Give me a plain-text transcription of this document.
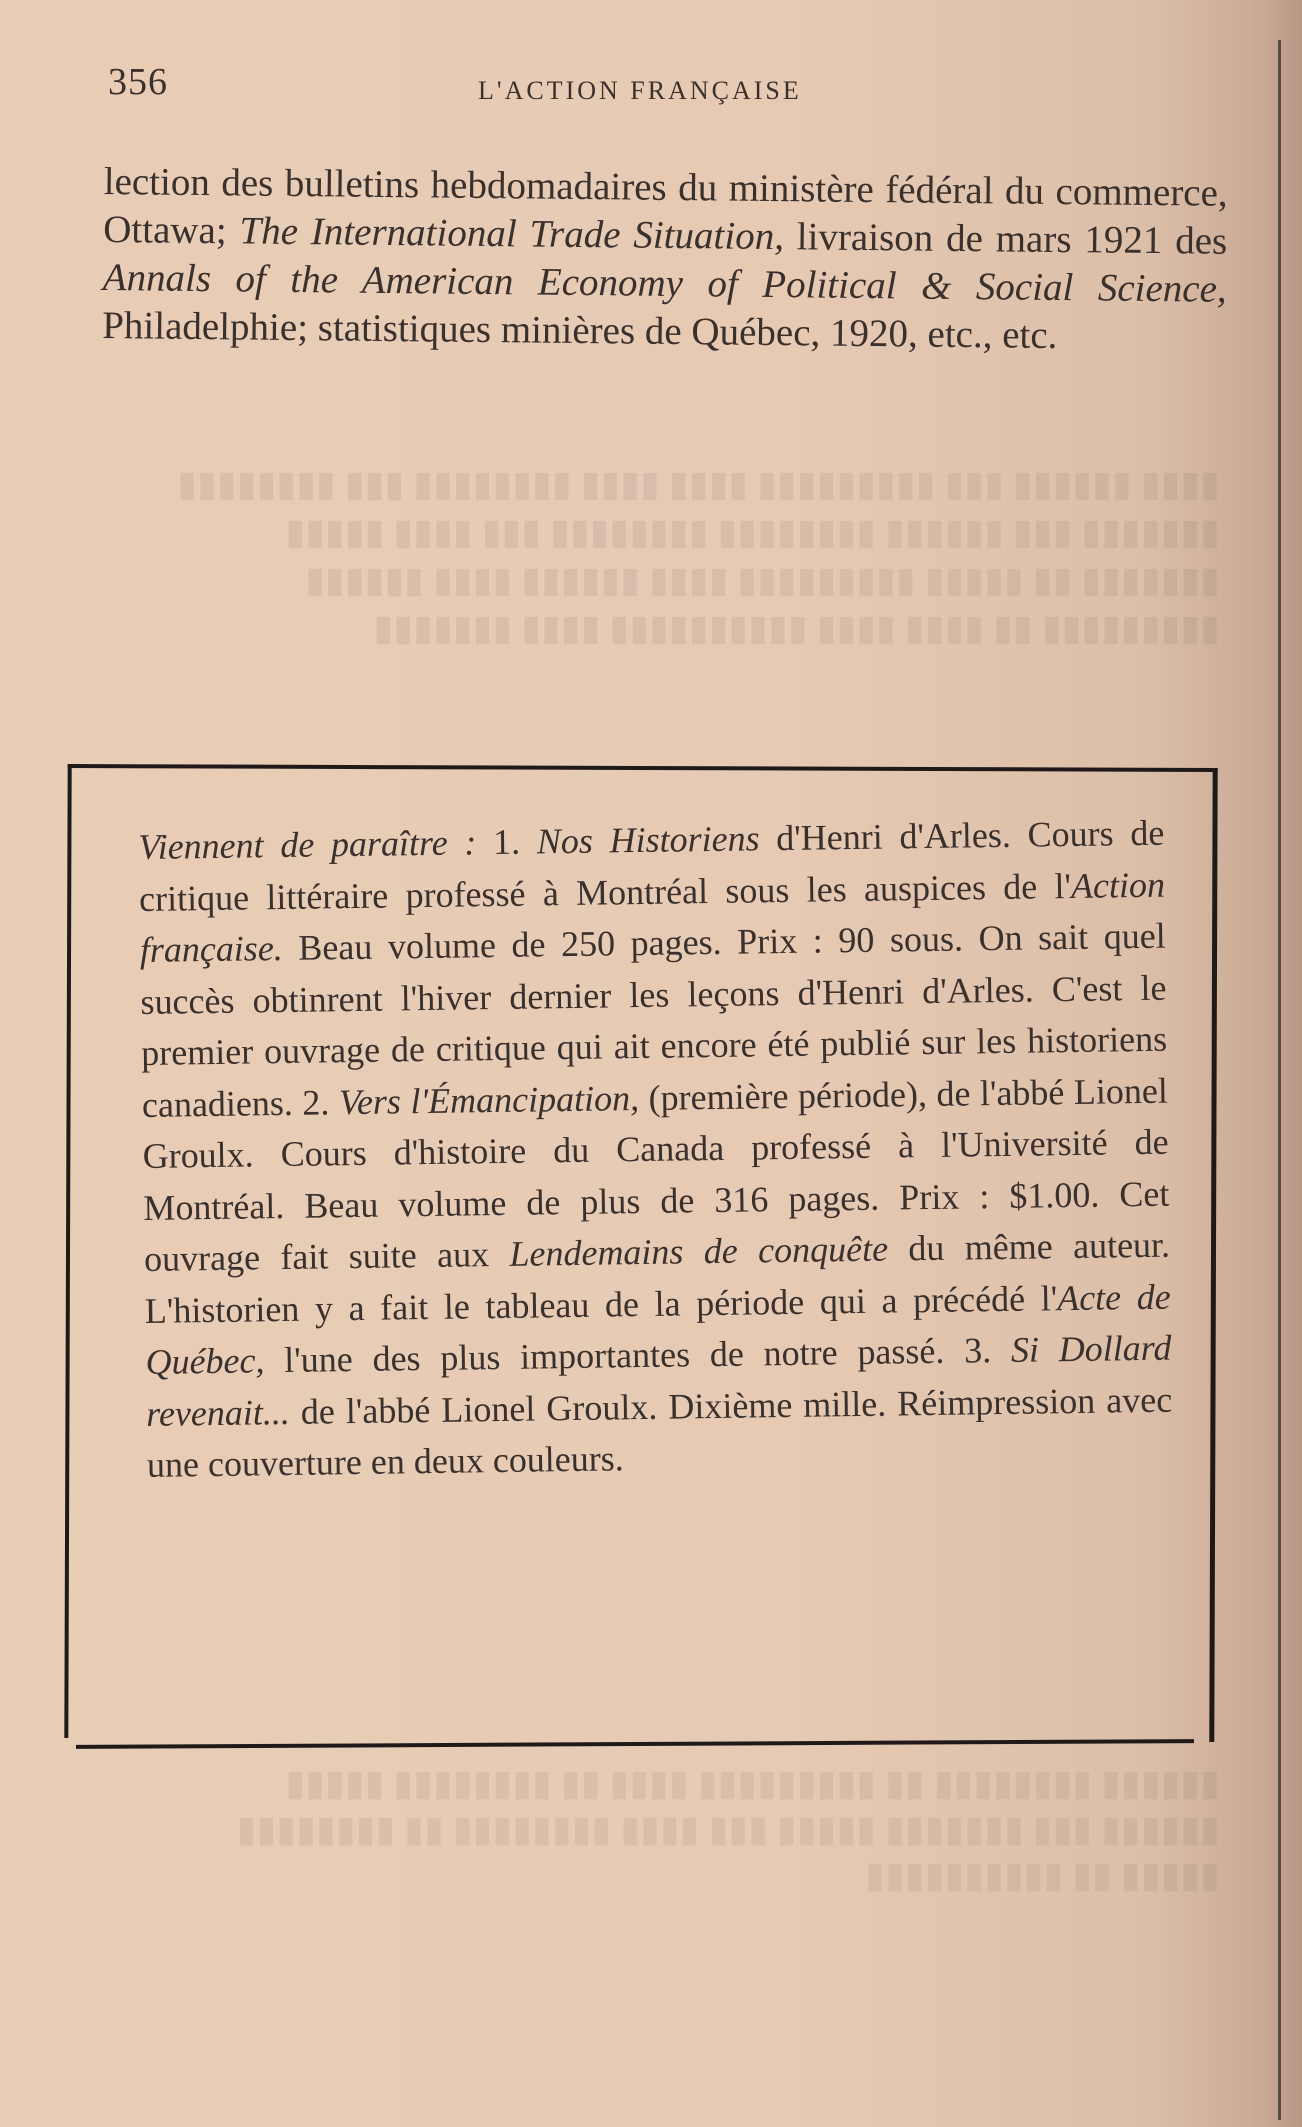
▮▮▮▮ ▮▮▮▮▮▮ ▮▮▮ ▮▮▮▮▮▮▮▮▮ ▮▮▮▮ ▮▮▮▮ ▮▮▮▮▮▮▮▮ ▮▮▮ ▮▮▮▮▮▮▮▮ ▮▮▮▮▮▮▮ ▮▮▮ ▮▮▮▮▮▮ ▮▮▮▮▮▮▮▮ ▮▮▮▮▮▮▮▮ ▮▮▮ ▮▮▮▮ ▮▮▮▮▮ ▮▮▮▮▮▮▮ ▮▮ ▮▮▮▮▮ ▮▮▮▮▮▮▮▮▮ ▮▮▮▮ ▮▮▮▮▮▮ ▮▮▮▮ ▮▮▮▮▮▮ ▮▮▮▮▮▮▮▮▮ ▮▮ ▮▮▮▮ ▮▮▮▮ ▮▮▮▮▮▮▮▮▮▮ ▮▮▮▮ ▮▮▮▮▮▮▮
356	L'ACTION FRANÇAISE
lection des bulletins hebdomadaires du ministère fédéral du commerce, Ottawa; The International Trade Situation, livraison de mars 1921 des Annals of the American Economy of Political & Social Science, Philadelphie; statistiques minières de Québec, 1920, etc., etc.
Viennent de paraître : 1. Nos Historiens d'Henri d'Arles. Cours de critique littéraire professé à Montréal sous les auspices de l'Action française. Beau volume de 250 pages. Prix : 90 sous. On sait quel succès obtinrent l'hiver dernier les leçons d'Henri d'Arles. C'est le premier ouvrage de critique qui ait encore été publié sur les historiens canadiens. 2. Vers l'Émancipation, (première période), de l'abbé Lionel Groulx. Cours d'histoire du Canada professé à l'Université de Montréal. Beau volume de plus de 316 pages. Prix : $1.00. Cet ouvrage fait suite aux Lendemains de conquête du même auteur. L'historien y a fait le tableau de la période qui a précédé l'Acte de Québec, l'une des plus importantes de notre passé. 3. Si Dollard revenait... de l'abbé Lionel Groulx. Dixième mille. Réimpression avec une couverture en deux couleurs.
▮▮▮▮▮▮ ▮▮▮▮▮▮▮▮ ▮▮ ▮▮▮▮▮▮▮▮▮ ▮▮▮▮ ▮▮ ▮▮▮▮▮▮▮▮ ▮▮▮▮▮ ▮▮▮▮▮▮ ▮▮▮ ▮▮▮▮▮▮▮ ▮▮▮▮▮ ▮▮▮ ▮▮▮▮ ▮▮▮▮▮▮▮▮ ▮▮ ▮▮▮▮▮▮▮▮ ▮▮▮▮▮ ▮▮ ▮▮▮▮▮▮▮▮▮▮
